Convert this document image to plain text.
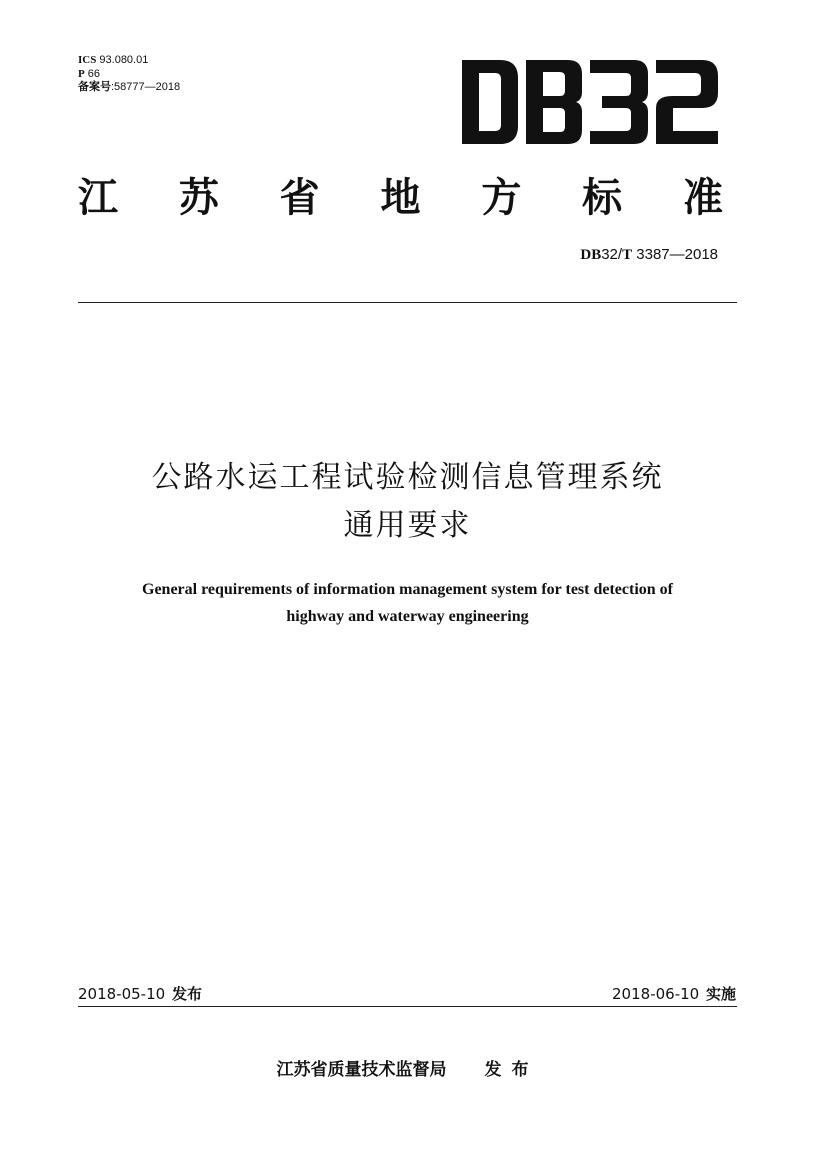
ICS 93.080.01
P 66
备案号:58777—2018
江 苏 省 地 方 标 准
DB32/T 3387—2018
公路水运工程试验检测信息管理系统
通用要求
General requirements of information management system for test detection of
highway and waterway engineering
2018-05-10 发布	2018-06-10 实施
江苏省质量技术监督局 发布
